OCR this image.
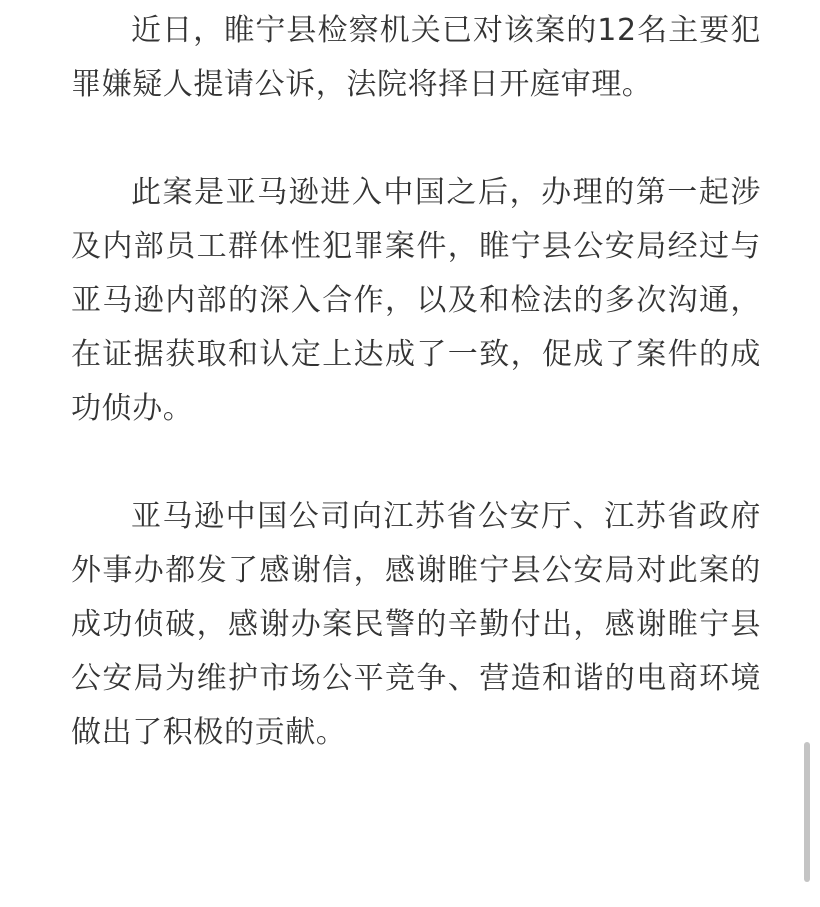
近日，睢宁县检察机关已对该案的12名主要犯罪嫌疑人提请公诉，法院将择日开庭审理。

此案是亚马逊进入中国之后，办理的第一起涉及内部员工群体性犯罪案件，睢宁县公安局经过与亚马逊内部的深入合作，以及和检法的多次沟通，在证据获取和认定上达成了一致，促成了案件的成功侦办。

亚马逊中国公司向江苏省公安厅、江苏省政府外事办都发了感谢信，感谢睢宁县公安局对此案的成功侦破，感谢办案民警的辛勤付出，感谢睢宁县公安局为维护市场公平竞争、营造和谐的电商环境做出了积极的贡献。
